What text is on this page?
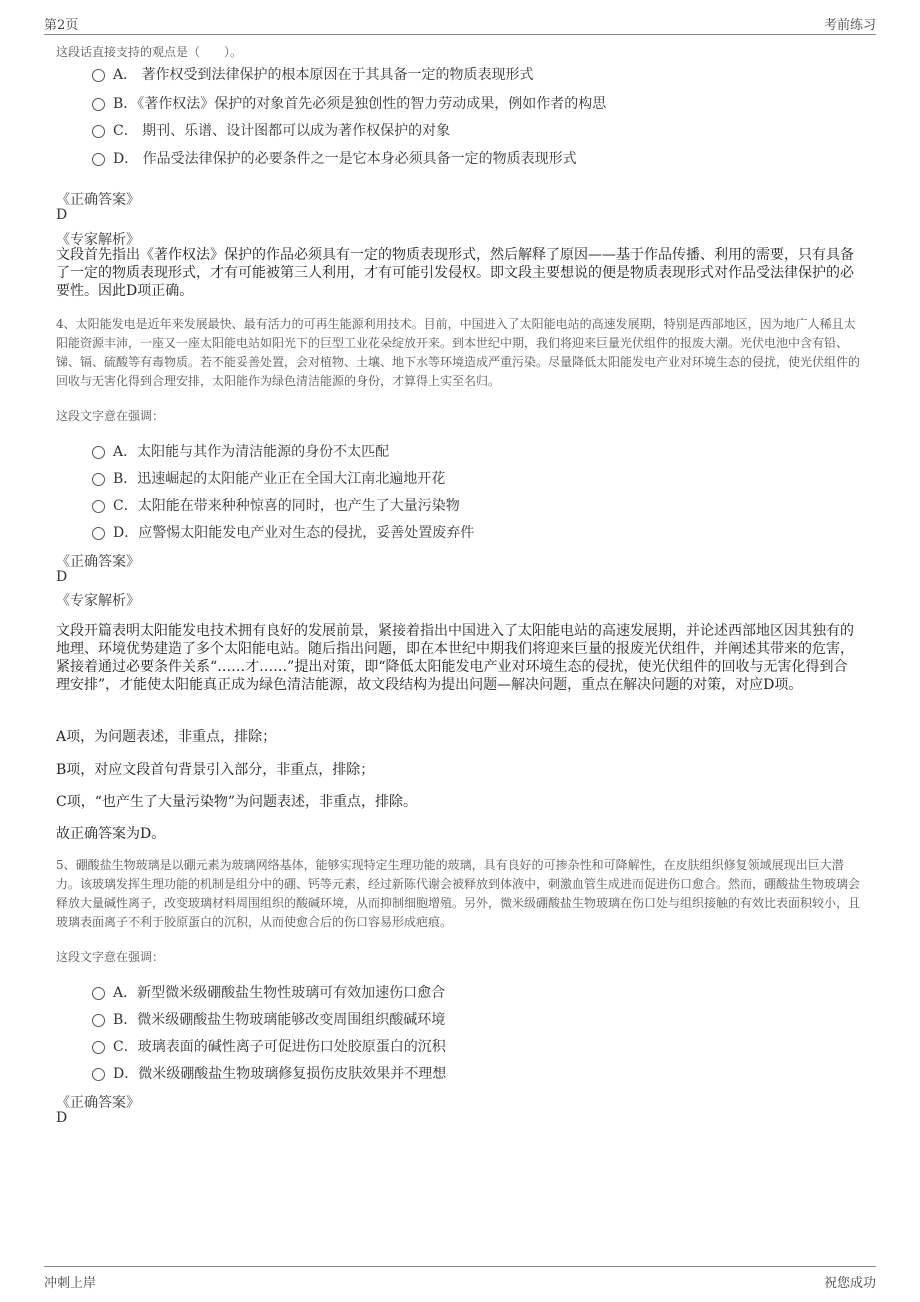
第2页	考前练习

这段话直接支持的观点是（　　）。

A． 著作权受到法律保护的根本原因在于其具备一定的物质表现形式
B．《著作权法》保护的对象首先必须是独创性的智力劳动成果，例如作者的构思
C． 期刊、乐谱、设计图都可以成为著作权保护的对象
D． 作品受法律保护的必要条件之一是它本身必须具备一定的物质表现形式

《正确答案》

D

《专家解析》

文段首先指出《著作权法》保护的作品必须具有一定的物质表现形式，然后解释了原因——基于作品传播、利用的需要，只有具备了一定的物质表现形式，才有可能被第三人利用，才有可能引发侵权。即文段主要想说的便是物质表现形式对作品受法律保护的必要性。因此D项正确。

4、太阳能发电是近年来发展最快、最有活力的可再生能源利用技术。目前，中国进入了太阳能电站的高速发展期，特别是西部地区，因为地广人稀且太阳能资源丰沛，一座又一座太阳能电站如阳光下的巨型工业花朵绽放开来。到本世纪中期，我们将迎来巨量光伏组件的报废大潮。光伏电池中含有铅、锑、镉、硫酸等有毒物质。若不能妥善处置，会对植物、土壤、地下水等环境造成严重污染。尽量降低太阳能发电产业对环境生态的侵扰，使光伏组件的回收与无害化得到合理安排，太阳能作为绿色清洁能源的身份，才算得上实至名归。

这段文字意在强调：

A．太阳能与其作为清洁能源的身份不太匹配
B．迅速崛起的太阳能产业正在全国大江南北遍地开花
C．太阳能在带来种种惊喜的同时，也产生了大量污染物
D．应警惕太阳能发电产业对生态的侵扰，妥善处置废弃件

《正确答案》

D

《专家解析》

文段开篇表明太阳能发电技术拥有良好的发展前景，紧接着指出中国进入了太阳能电站的高速发展期，并论述西部地区因其独有的地理、环境优势建造了多个太阳能电站。随后指出问题，即在本世纪中期我们将迎来巨量的报废光伏组件，并阐述其带来的危害，紧接着通过必要条件关系“……才……”提出对策，即“降低太阳能发电产业对环境生态的侵扰，使光伏组件的回收与无害化得到合理安排”，才能使太阳能真正成为绿色清洁能源，故文段结构为提出问题—解决问题，重点在解决问题的对策，对应D项。

A项，为问题表述，非重点，排除；

B项，对应文段首句背景引入部分，非重点，排除；

C项，“也产生了大量污染物”为问题表述，非重点，排除。

故正确答案为D。

5、硼酸盐生物玻璃是以硼元素为玻璃网络基体，能够实现特定生理功能的玻璃，具有良好的可掺杂性和可降解性，在皮肤组织修复领域展现出巨大潜力。该玻璃发挥生理功能的机制是组分中的硼、钙等元素，经过新陈代谢会被释放到体液中，刺激血管生成进而促进伤口愈合。然而，硼酸盐生物玻璃会释放大量碱性离子，改变玻璃材料周围组织的酸碱环境，从而抑制细胞增殖。另外，微米级硼酸盐生物玻璃在伤口处与组织接触的有效比表面积较小，且玻璃表面离子不利于胶原蛋白的沉积，从而使愈合后的伤口容易形成疤痕。

这段文字意在强调：

A．新型微米级硼酸盐生物性玻璃可有效加速伤口愈合
B．微米级硼酸盐生物玻璃能够改变周围组织酸碱环境
C．玻璃表面的碱性离子可促进伤口处胶原蛋白的沉积
D．微米级硼酸盐生物玻璃修复损伤皮肤效果并不理想

《正确答案》

D

冲刺上岸	祝您成功
